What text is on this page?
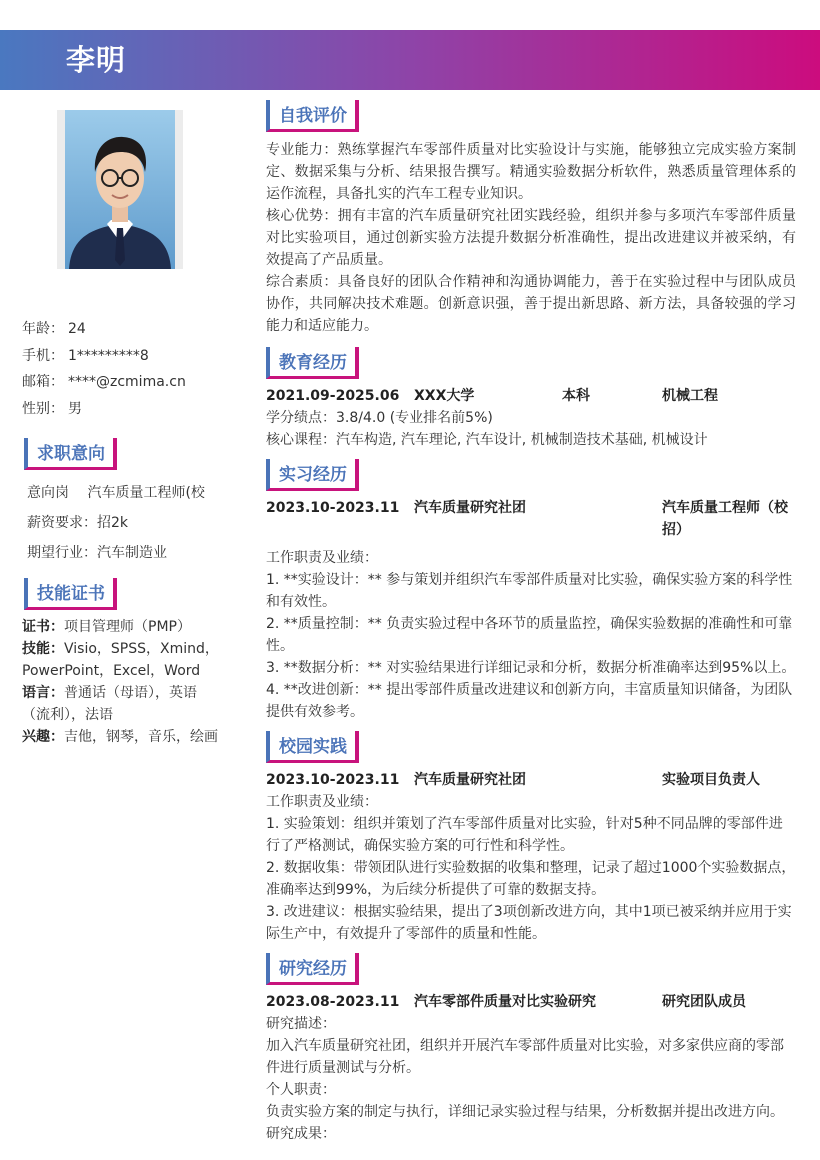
李明
年龄： 24
手机： 1*********8
邮箱： ****@zcmima.cn
性别： 男
求职意向
意向岗　 汽车质量工程师(校
薪资要求：招2k
期望行业：汽车制造业
技能证书
证书：项目管理师（PMP）
技能：Visio，SPSS，Xmind，PowerPoint，Excel，Word
语言：普通话（母语），英语（流利），法语
兴趣：吉他，钢琴，音乐，绘画
自我评价

专业能力：熟练掌握汽车零部件质量对比实验设计与实施，能够独立完成实验方案制定、数据采集与分析、结果报告撰写。精通实验数据分析软件，熟悉质量管理体系的运作流程，具备扎实的汽车工程专业知识。

核心优势：拥有丰富的汽车质量研究社团实践经验，组织并参与多项汽车零部件质量对比实验项目，通过创新实验方法提升数据分析准确性，提出改进建议并被采纳，有效提高了产品质量。

综合素质：具备良好的团队合作精神和沟通协调能力，善于在实验过程中与团队成员协作，共同解决技术难题。创新意识强，善于提出新思路、新方法，具备较强的学习能力和适应能力。

教育经历
2021.09-2025.06	XXX大学	本科	机械工程

学分绩点：3.8/4.0 (专业排名前5%)

核心课程：汽车构造, 汽车理论, 汽车设计, 机械制造技术基础, 机械设计

实习经历
2023.10-2023.11	汽车质量研究社团	汽车质量工程师（校招）

工作职责及业绩：

1. **实验设计：** 参与策划并组织汽车零部件质量对比实验，确保实验方案的科学性和有效性。

2. **质量控制：** 负责实验过程中各环节的质量监控，确保实验数据的准确性和可靠性。

3. **数据分析：** 对实验结果进行详细记录和分析，数据分析准确率达到95%以上。

4. **改进创新：** 提出零部件质量改进建议和创新方向，丰富质量知识储备，为团队提供有效参考。

校园实践
2023.10-2023.11	汽车质量研究社团	实验项目负责人

工作职责及业绩：

1. 实验策划：组织并策划了汽车零部件质量对比实验，针对5种不同品牌的零部件进行了严格测试，确保实验方案的可行性和科学性。

2. 数据收集：带领团队进行实验数据的收集和整理，记录了超过1000个实验数据点，准确率达到99%，为后续分析提供了可靠的数据支持。

3. 改进建议：根据实验结果，提出了3项创新改进方向，其中1项已被采纳并应用于实际生产中，有效提升了零部件的质量和性能。

研究经历
2023.08-2023.11	汽车零部件质量对比实验研究	研究团队成员

研究描述：

加入汽车质量研究社团，组织并开展汽车零部件质量对比实验，对多家供应商的零部件进行质量测试与分析。

个人职责：

负责实验方案的制定与执行，详细记录实验过程与结果，分析数据并提出改进方向。

研究成果：
